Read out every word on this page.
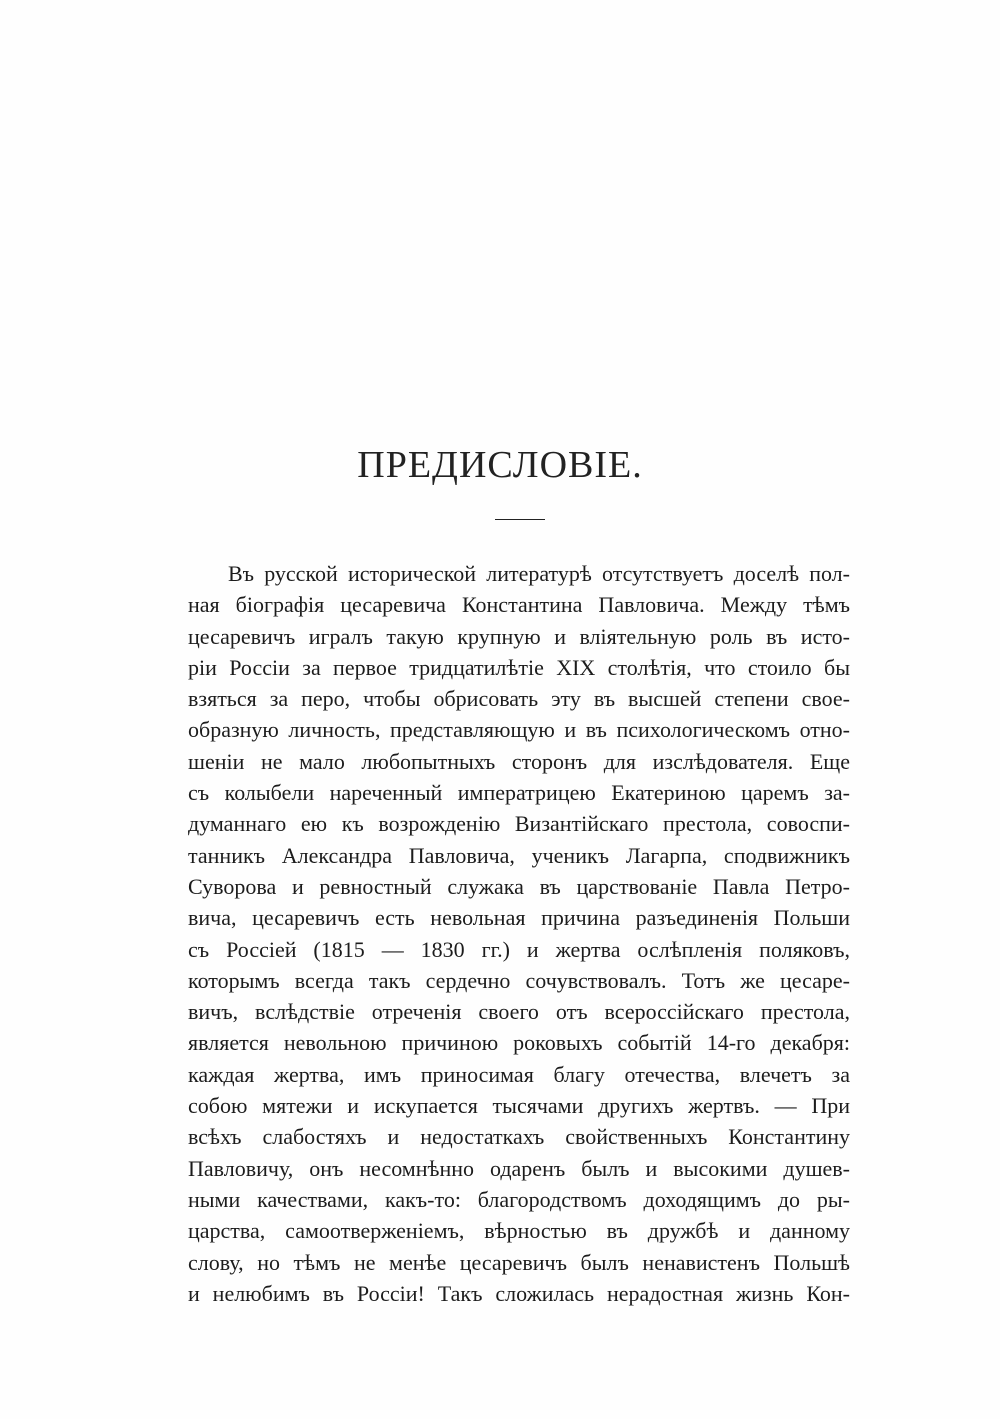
ПРЕДИСЛОВІЕ.
Въ русской исторической литературѣ отсутствуетъ доселѣ пол-
ная біографія цесаревича Константина Павловича. Между тѣмъ
цесаревичъ игралъ такую крупную и вліятельную роль въ исто-
ріи Россіи за первое тридцатилѣтіе XIX столѣтія, что стоило бы
взяться за перо, чтобы обрисовать эту въ высшей степени свое-
образную личность, представляющую и въ психологическомъ отно-
шеніи не мало любопытныхъ сторонъ для изслѣдователя. Еще
съ колыбели нареченный императрицею Екатериною царемъ за-
думаннаго ею къ возрожденію Византійскаго престола, совоспи-
танникъ Александра Павловича, ученикъ Лагарпа, сподвижникъ
Суворова и ревностный служака въ царствованіе Павла Петро-
вича, цесаревичъ есть невольная причина разъединенія Польши
съ Россіей (1815 — 1830 гг.) и жертва ослѣпленія поляковъ,
которымъ всегда такъ сердечно сочувствовалъ. Тотъ же цесаре-
вичъ, вслѣдствіе отреченія своего отъ всероссійскаго престола,
является невольною причиною роковыхъ событій 14-го декабря:
каждая жертва, имъ приносимая благу отечества, влечетъ за
собою мятежи и искупается тысячами другихъ жертвъ. — При
всѣхъ слабостяхъ и недостаткахъ свойственныхъ Константину
Павловичу, онъ несомнѣнно одаренъ былъ и высокими душев-
ными качествами, какъ-то: благородствомъ доходящимъ до ры-
царства, самоотверженіемъ, вѣрностью въ дружбѣ и данному
слову, но тѣмъ не менѣе цесаревичъ былъ ненавистенъ Польшѣ
и нелюбимъ въ Россіи! Такъ сложилась нерадостная жизнь Кон-
